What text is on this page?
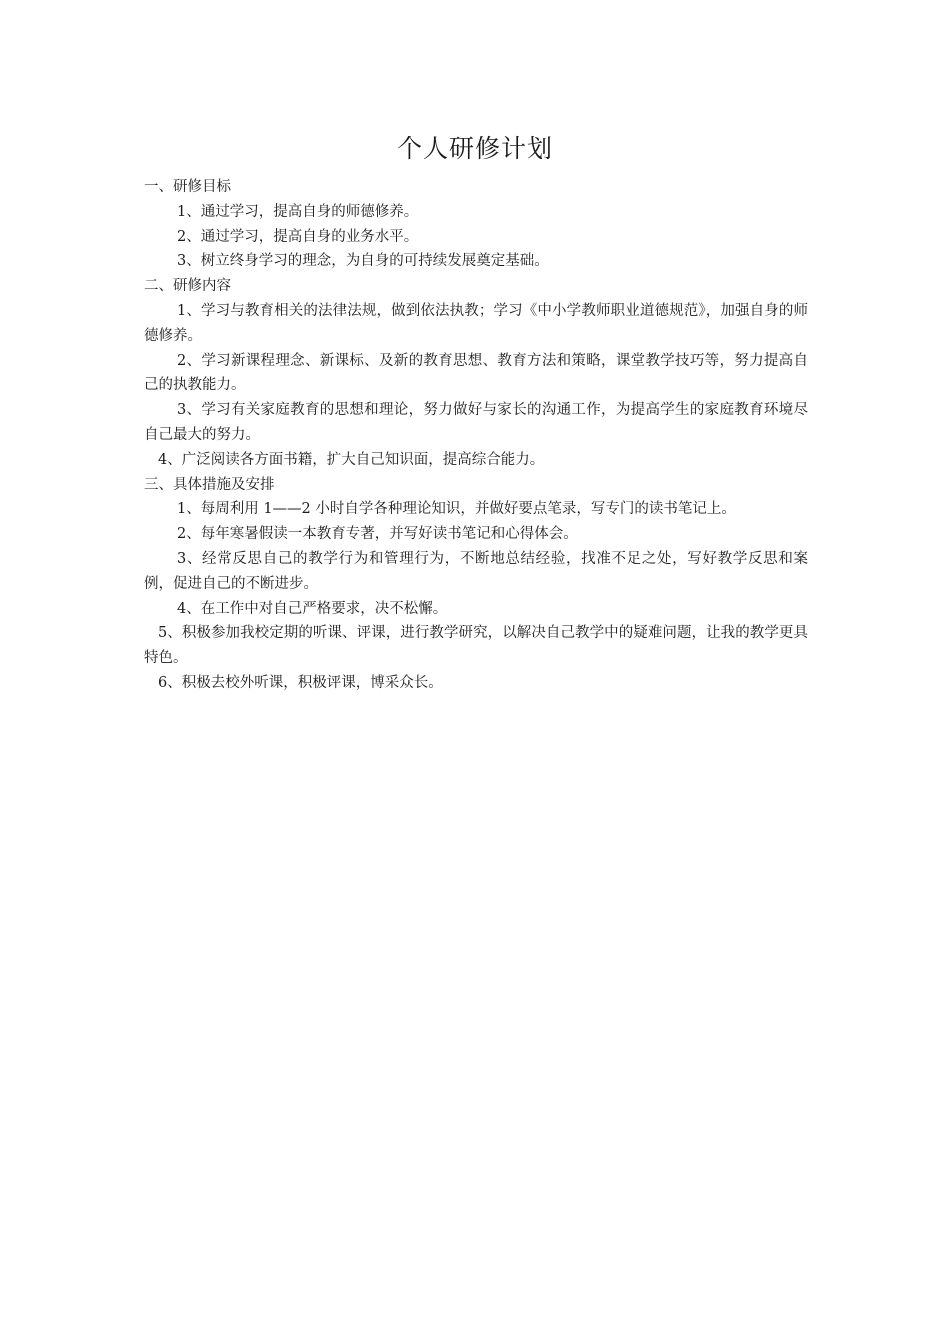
个人研修计划

一、研修目标

1、通过学习，提高自身的师德修养。

2、通过学习，提高自身的业务水平。

3、树立终身学习的理念，为自身的可持续发展奠定基础。

二、研修内容

1、学习与教育相关的法律法规，做到依法执教；学习《中小学教师职业道德规范》，加强自身的师德修养。

2、学习新课程理念、新课标、及新的教育思想、教育方法和策略，课堂教学技巧等，努力提高自己的执教能力。

3、学习有关家庭教育的思想和理论，努力做好与家长的沟通工作，为提高学生的家庭教育环境尽自己最大的努力。

4、广泛阅读各方面书籍，扩大自己知识面，提高综合能力。

三、具体措施及安排

1、每周利用 1——2 小时自学各种理论知识，并做好要点笔录，写专门的读书笔记上。

2、每年寒暑假读一本教育专著，并写好读书笔记和心得体会。

3、经常反思自己的教学行为和管理行为，不断地总结经验，找准不足之处，写好教学反思和案例，促进自己的不断进步。

4、在工作中对自己严格要求，决不松懈。

5、积极参加我校定期的听课、评课，进行教学研究，以解决自己教学中的疑难问题，让我的教学更具特色。

6、积极去校外听课，积极评课，博采众长。
